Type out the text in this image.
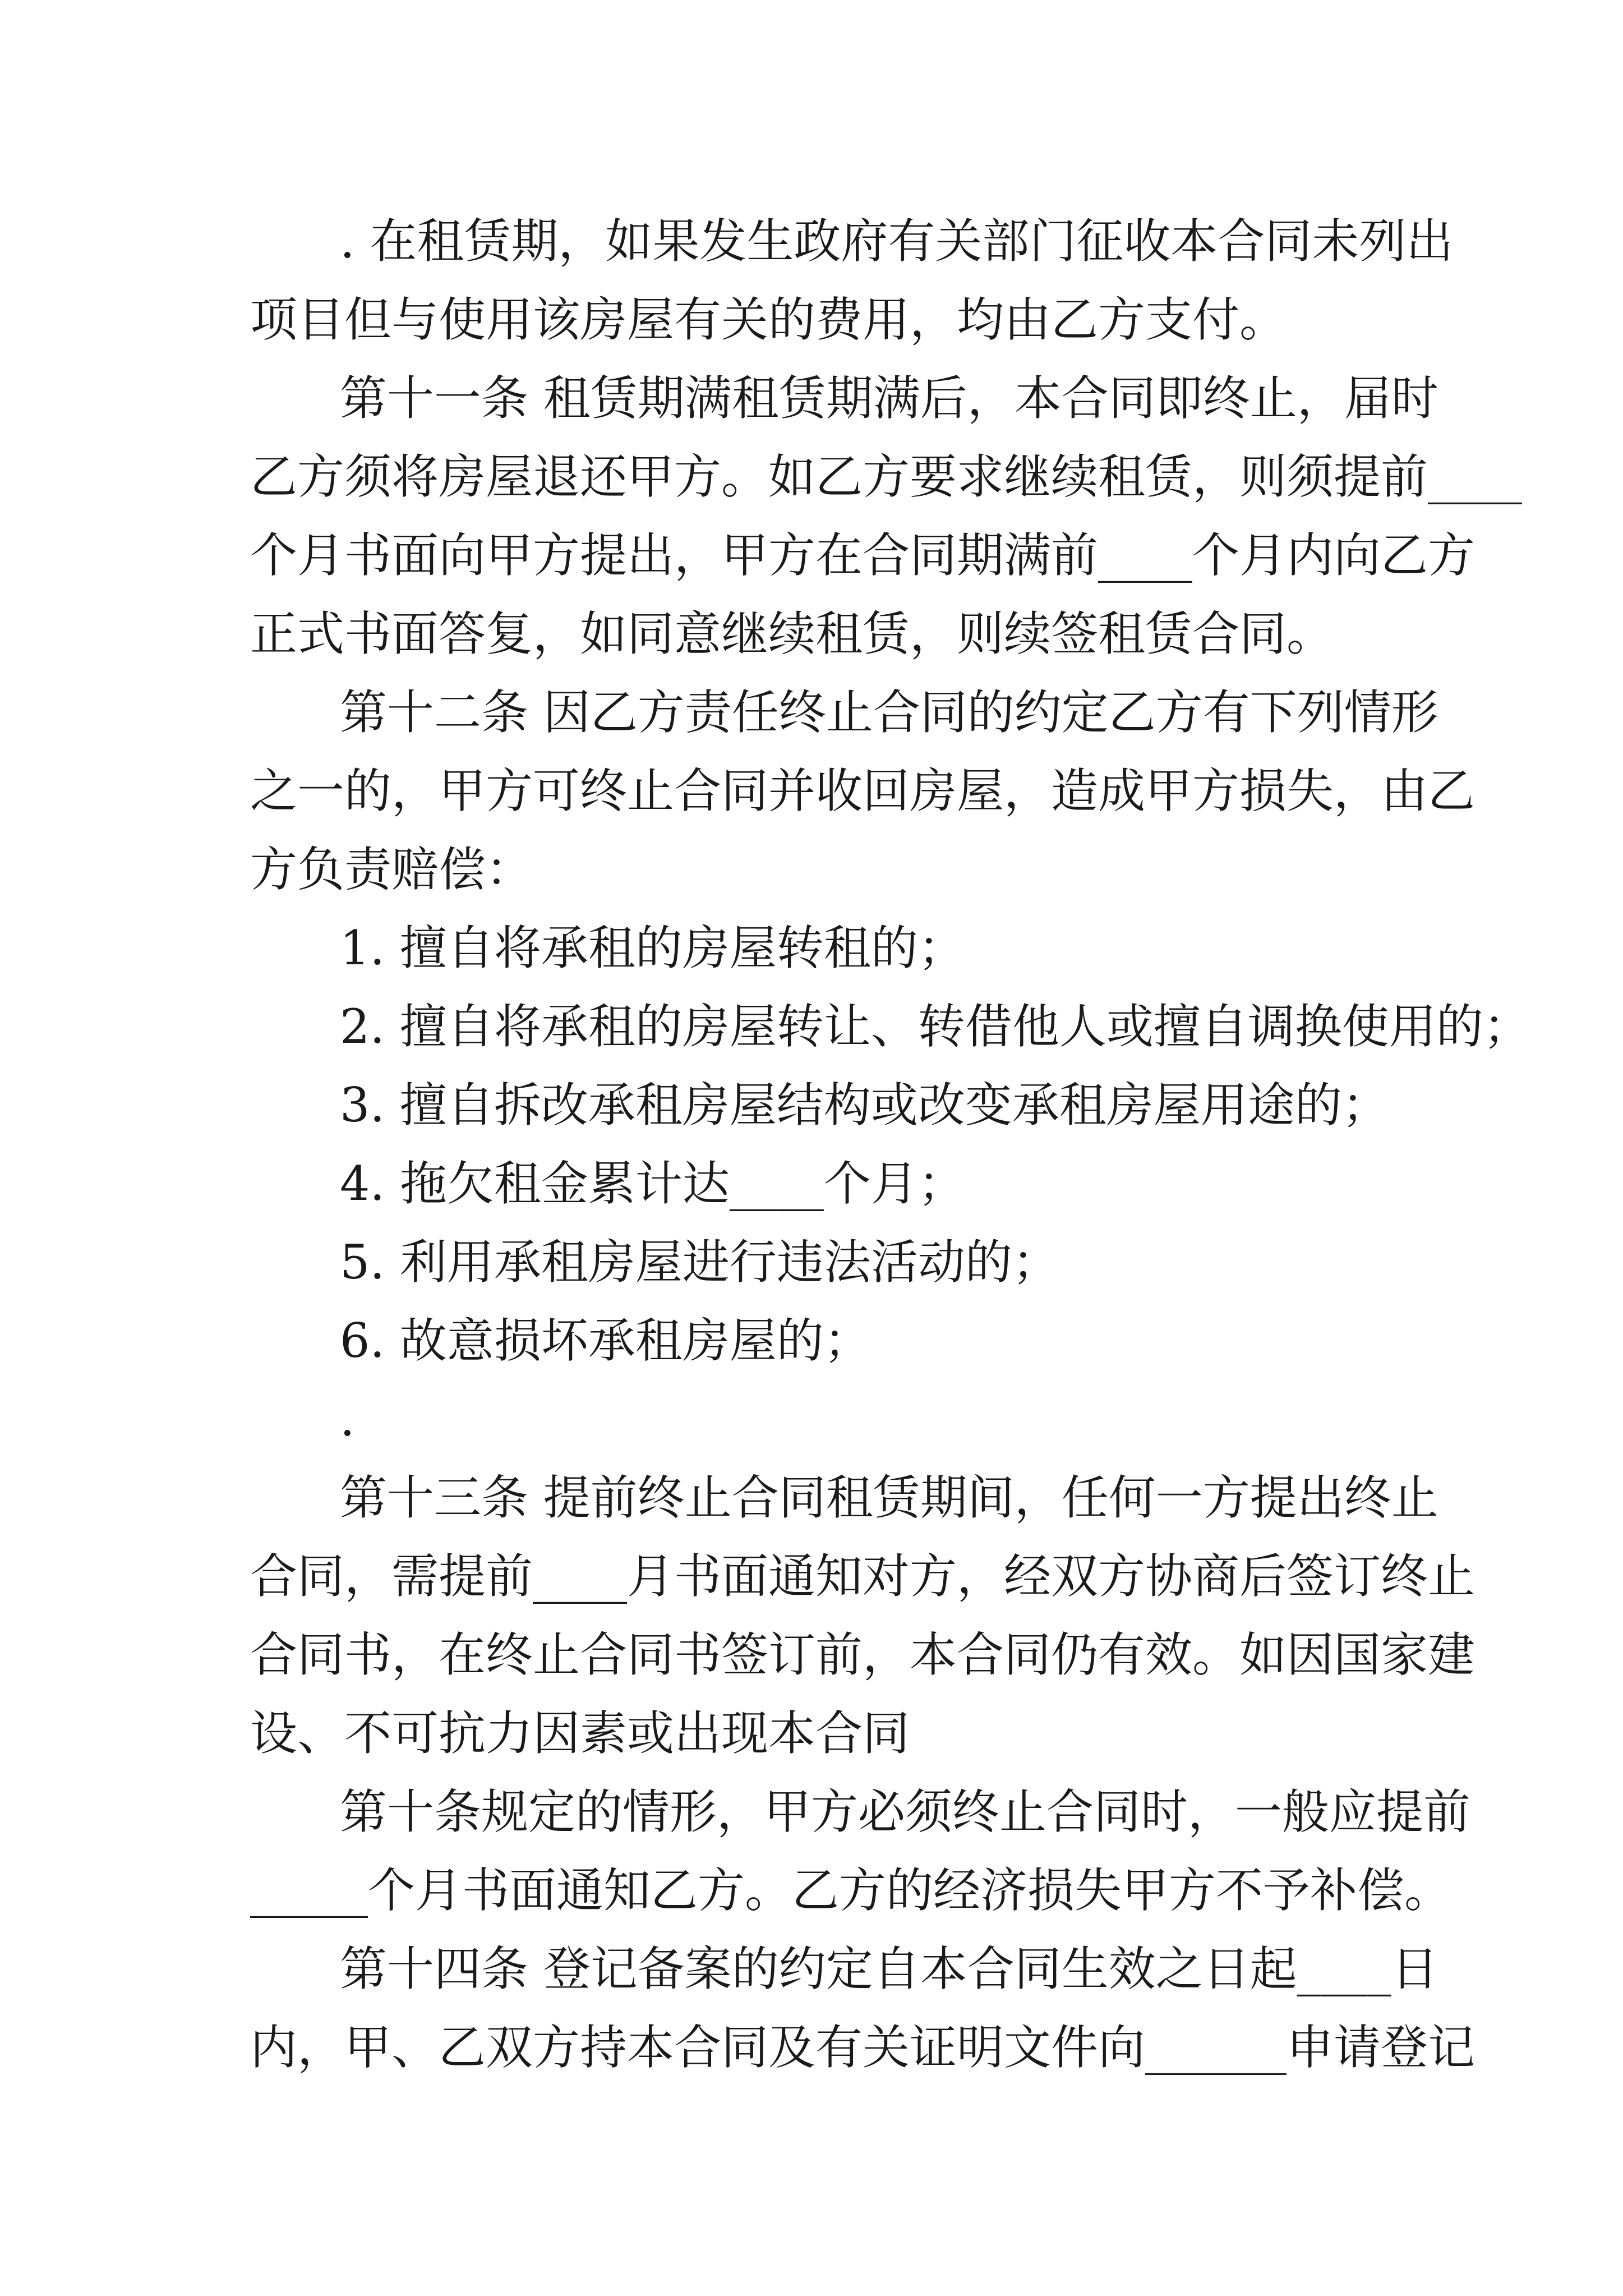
. 在租赁期，如果发生政府有关部门征收本合同未列出
项目但与使用该房屋有关的费用，均由乙方支付。
第十一条 租赁期满租赁期满后，本合同即终止，届时
乙方须将房屋退还甲方。如乙方要求继续租赁，则须提前____
个月书面向甲方提出，甲方在合同期满前____个月内向乙方
正式书面答复，如同意继续租赁，则续签租赁合同。
第十二条 因乙方责任终止合同的约定乙方有下列情形
之一的，甲方可终止合同并收回房屋，造成甲方损失，由乙
方负责赔偿：
1. 擅自将承租的房屋转租的；
2. 擅自将承租的房屋转让、转借他人或擅自调换使用的；
3. 擅自拆改承租房屋结构或改变承租房屋用途的；
4. 拖欠租金累计达____个月；
5. 利用承租房屋进行违法活动的；
6. 故意损坏承租房屋的；
.
第十三条 提前终止合同租赁期间，任何一方提出终止
合同，需提前____月书面通知对方，经双方协商后签订终止
合同书，在终止合同书签订前，本合同仍有效。如因国家建
设、不可抗力因素或出现本合同
第十条规定的情形，甲方必须终止合同时，一般应提前
_____个月书面通知乙方。乙方的经济损失甲方不予补偿。
第十四条 登记备案的约定自本合同生效之日起____日
内，甲、乙双方持本合同及有关证明文件向______申请登记
